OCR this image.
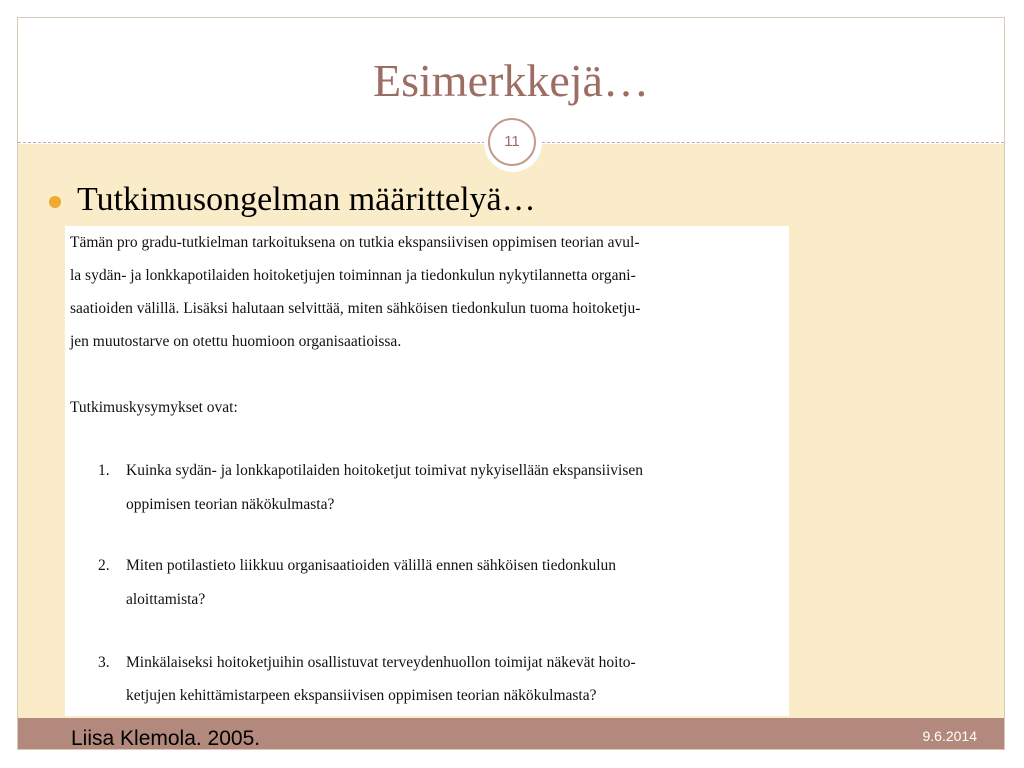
Esimerkkejä…
11
Tutkimusongelman määrittelyä…
Tämän pro gradu-tutkielman tarkoituksena on tutkia ekspansiivisen oppimisen teorian avul-
la sydän- ja lonkkapotilaiden hoitoketjujen toiminnan ja tiedonkulun nykytilannetta organi-
saatioiden välillä. Lisäksi halutaan selvittää, miten sähköisen tiedonkulun tuoma hoitoketju-
jen muutostarve on otettu huomioon organisaatioissa.
Tutkimuskysymykset ovat:
1. Kuinka sydän- ja lonkkapotilaiden hoitoketjut toimivat nykyisellään ekspansiivisen
oppimisen teorian näkökulmasta?
2. Miten potilastieto liikkuu organisaatioiden välillä ennen sähköisen tiedonkulun
aloittamista?
3. Minkälaiseksi hoitoketjuihin osallistuvat terveydenhuollon toimijat näkevät hoito-
ketjujen kehittämistarpeen ekspansiivisen oppimisen teorian näkökulmasta?
Liisa Klemola. 2005.	9.6.2014
